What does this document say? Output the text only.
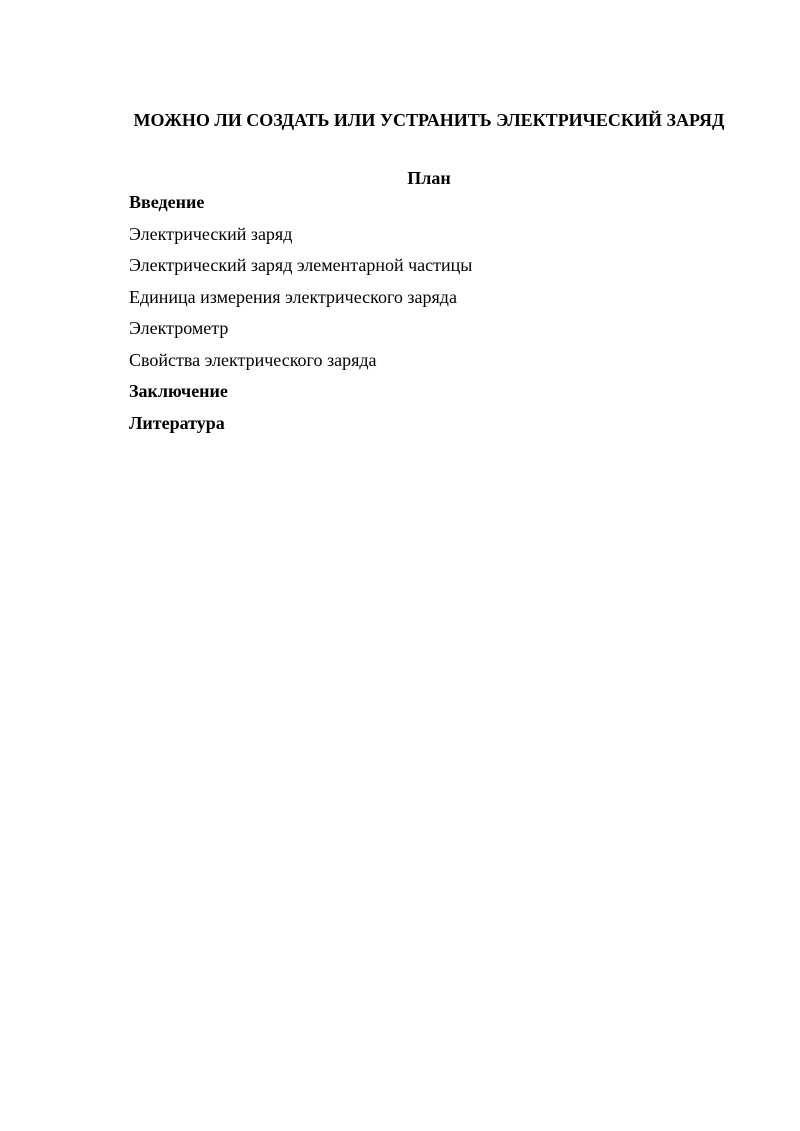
МОЖНО ЛИ СОЗДАТЬ ИЛИ УСТРАНИТЬ ЭЛЕКТРИЧЕСКИЙ ЗАРЯД
План
Введение
Электрический заряд
Электрический заряд элементарной частицы
Единица измерения электрического заряда
Электрометр
Свойства электрического заряда
Заключение
Литература
